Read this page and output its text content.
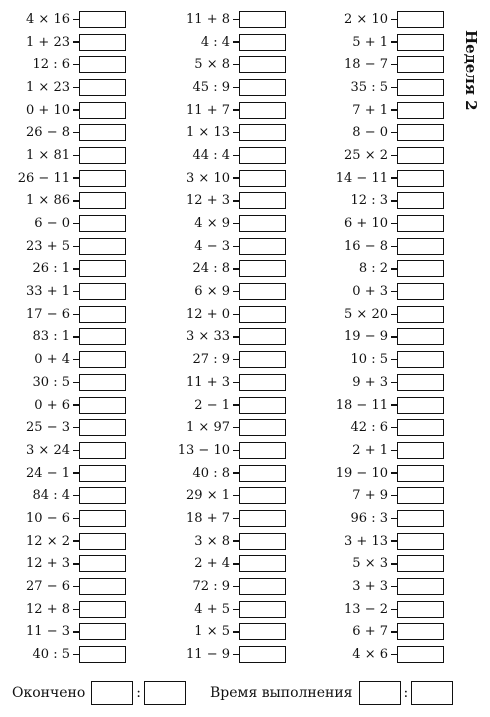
4 × 16
1 + 23
12 : 6
1 × 23
0 + 10
26 − 8
1 × 81
26 − 11
1 × 86
6 − 0
23 + 5
26 : 1
33 + 1
17 − 6
83 : 1
0 + 4
30 : 5
0 + 6
25 − 3
3 × 24
24 − 1
84 : 4
10 − 6
12 × 2
12 + 3
27 − 6
12 + 8
11 − 3
40 : 5
11 + 8
4 : 4
5 × 8
45 : 9
11 + 7
1 × 13
44 : 4
3 × 10
12 + 3
4 × 9
4 − 3
24 : 8
6 × 9
12 + 0
3 × 33
27 : 9
11 + 3
2 − 1
1 × 97
13 − 10
40 : 8
29 × 1
18 + 7
3 × 8
2 + 4
72 : 9
4 + 5
1 × 5
11 − 9
2 × 10
5 + 1
18 − 7
35 : 5
7 + 1
8 − 0
25 × 2
14 − 11
12 : 3
6 + 10
16 − 8
8 : 2
0 + 3
5 × 20
19 − 9
10 : 5
9 + 3
18 − 11
42 : 6
2 + 1
19 − 10
7 + 9
96 : 3
3 + 13
5 × 3
3 + 3
13 − 2
6 + 7
4 × 6
Неделя 2
Окончено	:	Время выполнения	:
